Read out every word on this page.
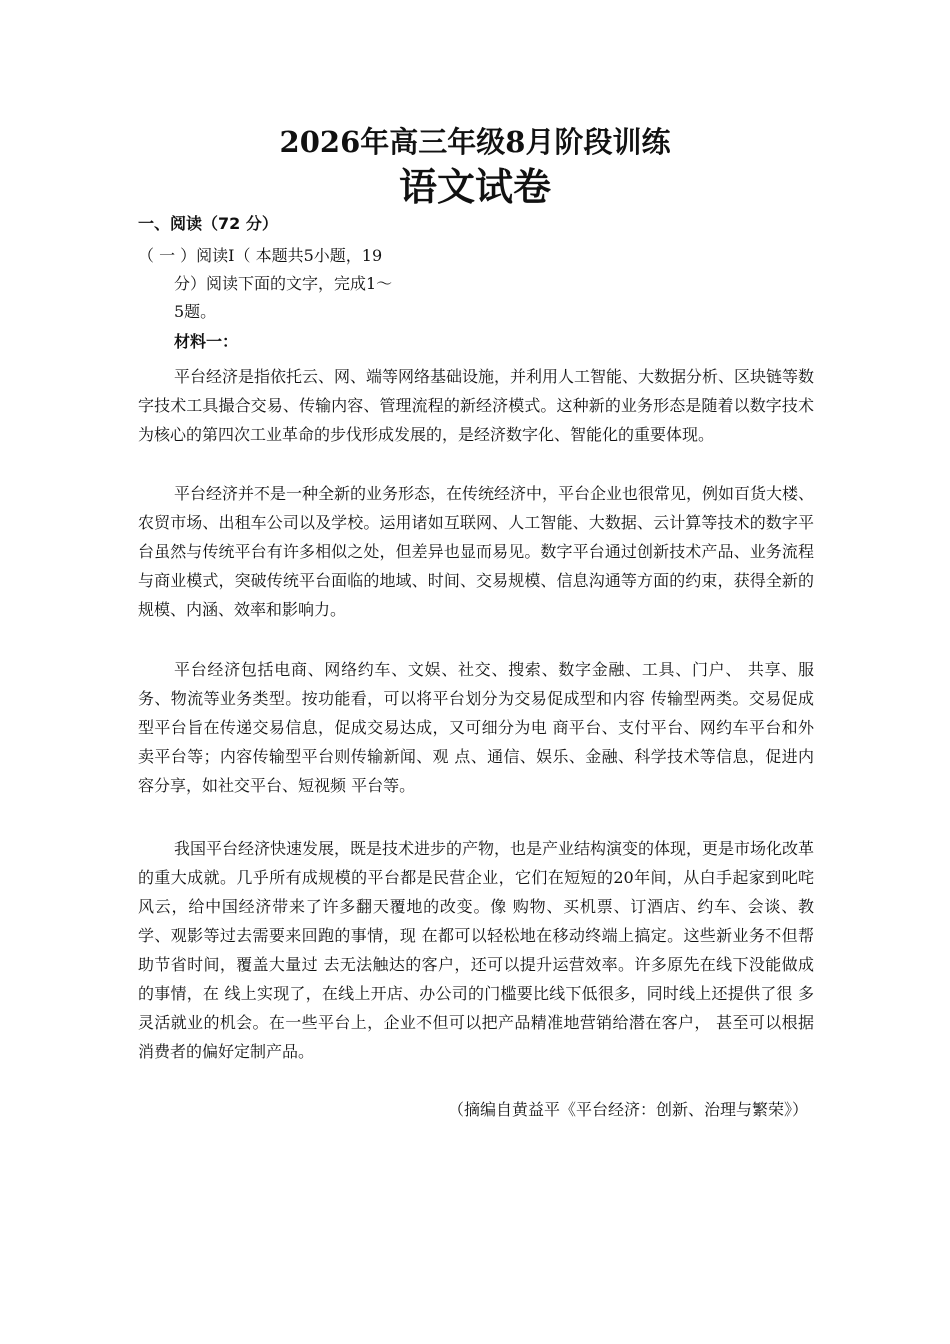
2026年高三年级8月阶段训练
语文试卷
一、阅读（72 分）
（ 一 ）阅读Ⅰ（ 本题共5小题，19
分）阅读下面的文字，完成1～
5题。
材料一：

平台经济是指依托云、网、端等网络基础设施，并利用人工智能、大数据分析、区块链等数字技术工具撮合交易、传输内容、管理流程的新经济模式。这种新的业务形态是随着以数字技术为核心的第四次工业革命的步伐形成发展的，是经济数字化、智能化的重要体现。

平台经济并不是一种全新的业务形态，在传统经济中，平台企业也很常见，例如百货大楼、农贸市场、出租车公司以及学校。运用诸如互联网、人工智能、大数据、云计算等技术的数字平台虽然与传统平台有许多相似之处，但差异也显而易见。数字平台通过创新技术产品、业务流程与商业模式，突破传统平台面临的地域、时间、交易规模、信息沟通等方面的约束，获得全新的规模、内涵、效率和影响力。

平台经济包括电商、网络约车、文娱、社交、搜索、数字金融、工具、门户、 共享、服务、物流等业务类型。按功能看，可以将平台划分为交易促成型和内容 传输型两类。交易促成型平台旨在传递交易信息，促成交易达成，又可细分为电 商平台、支付平台、网约车平台和外卖平台等；内容传输型平台则传输新闻、观 点、通信、娱乐、金融、科学技术等信息，促进内容分享，如社交平台、短视频 平台等。

我国平台经济快速发展，既是技术进步的产物，也是产业结构演变的体现，更是市场化改革的重大成就。几乎所有成规模的平台都是民营企业，它们在短短的20年间，从白手起家到叱咤风云，给中国经济带来了许多翻天覆地的改变。像 购物、买机票、订酒店、约车、会谈、教学、观影等过去需要来回跑的事情，现 在都可以轻松地在移动终端上搞定。这些新业务不但帮助节省时间，覆盖大量过 去无法触达的客户，还可以提升运营效率。许多原先在线下没能做成的事情，在 线上实现了，在线上开店、办公司的门槛要比线下低很多，同时线上还提供了很 多灵活就业的机会。在一些平台上，企业不但可以把产品精准地营销给潜在客户， 甚至可以根据消费者的偏好定制产品。

（摘编自黄益平《平台经济：创新、治理与繁荣》）
